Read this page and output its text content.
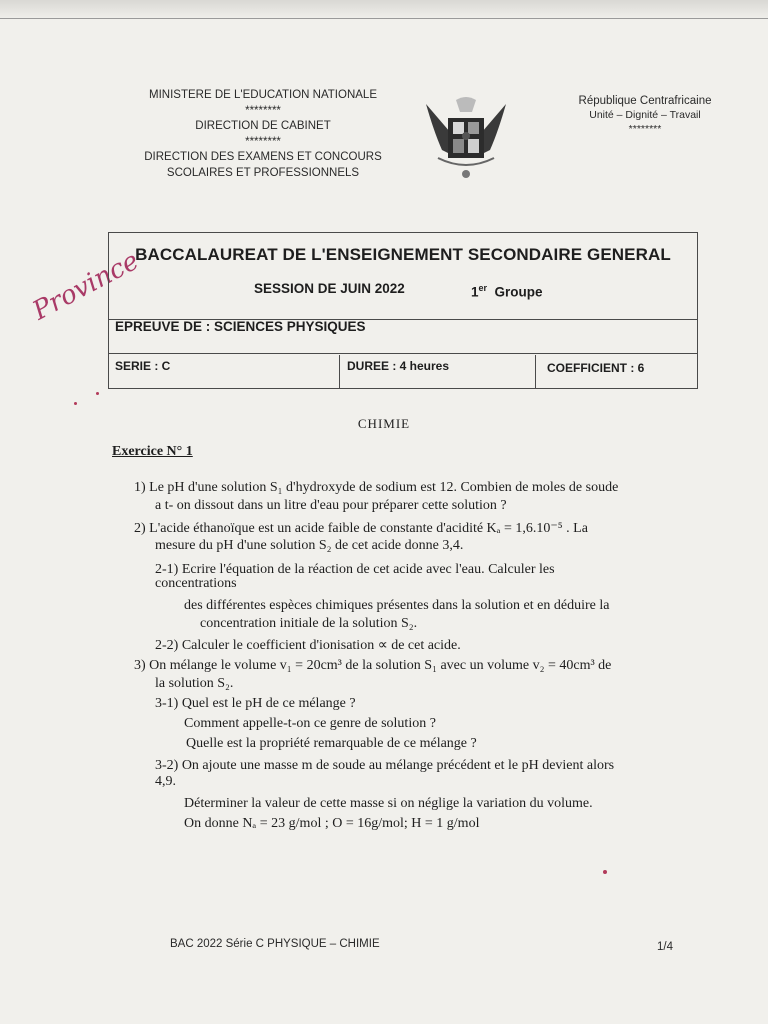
MINISTERE DE L'EDUCATION NATIONALE
********
DIRECTION DE CABINET
********
DIRECTION DES EXAMENS ET CONCOURS
SCOLAIRES ET PROFESSIONNELS
République Centrafricaine
Unité – Dignité – Travail
********
Province
BACCALAUREAT DE L'ENSEIGNEMENT SECONDAIRE GENERAL
SESSION DE JUIN 2022	1er Groupe
EPREUVE DE : SCIENCES PHYSIQUES
SERIE : C	DUREE : 4 heures	COEFFICIENT : 6
CHIMIE
Exercice N° 1
1) Le pH d'une solution S₁ d'hydroxyde de sodium est 12. Combien de moles de soude
a t- on dissout dans un litre d'eau pour préparer cette solution ?
2) L'acide éthanoïque est un acide faible de constante d'acidité Kₐ = 1,6.10⁻⁵ . La
mesure du pH d'une solution S₂ de cet acide donne 3,4.
2-1) Ecrire l'équation de la réaction de cet acide avec l'eau. Calculer les
concentrations
des différentes espèces chimiques présentes dans la solution et en déduire la
concentration initiale de la solution S₂.
2-2) Calculer le coefficient d'ionisation ∝ de cet acide.
3) On mélange le volume v₁ = 20cm³ de la solution S₁ avec un volume v₂ = 40cm³ de
la solution S₂.
3-1) Quel est le pH de ce mélange ?
Comment appelle-t-on ce genre de solution ?
Quelle est la propriété remarquable de ce mélange ?
3-2) On ajoute une masse m de soude au mélange précédent et le pH devient alors
4,9.
Déterminer la valeur de cette masse si on néglige la variation du volume.
On donne Nₐ = 23 g/mol ; O = 16g/mol; H = 1 g/mol
BAC 2022 Série C PHYSIQUE – CHIMIE	1/4
